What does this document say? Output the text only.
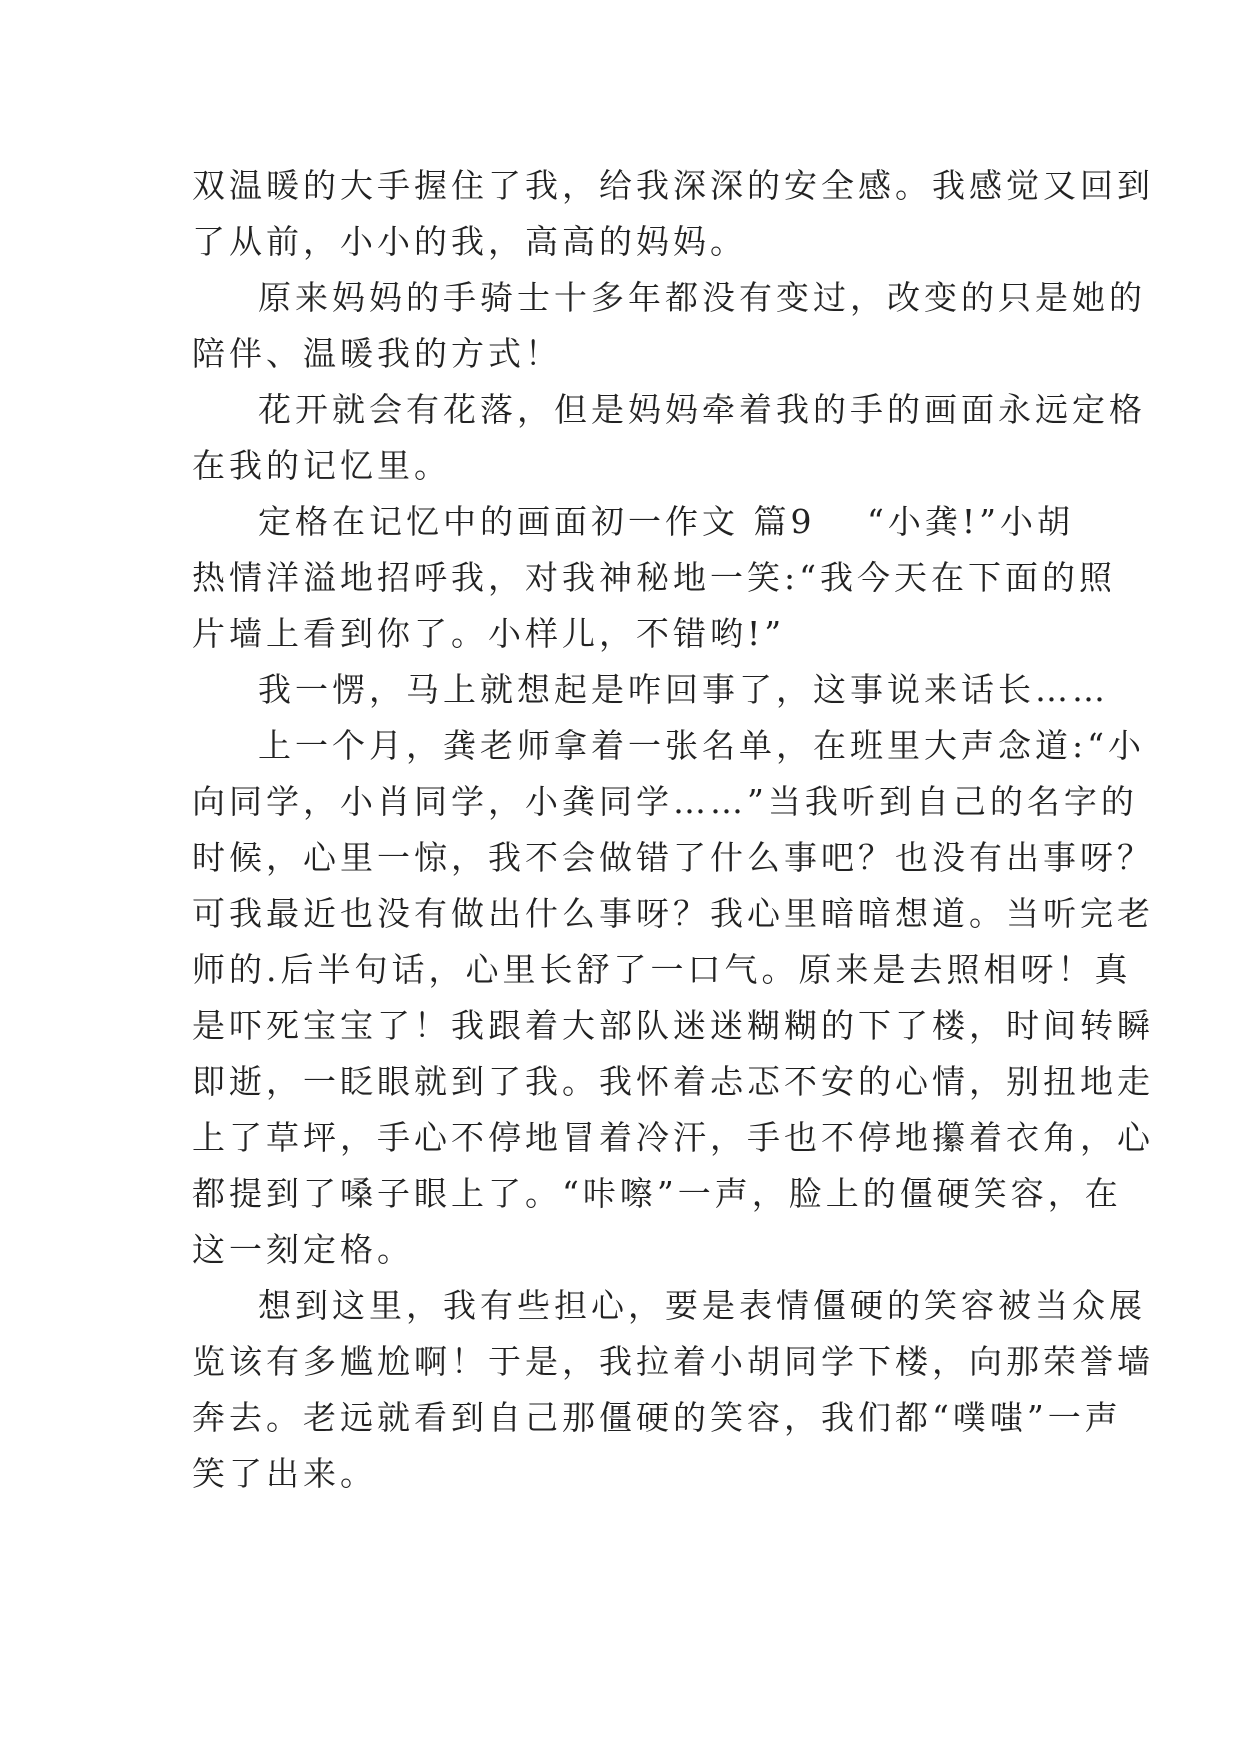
双温暖的大手握住了我，给我深深的安全感。我感觉又回到
了从前，小小的我，高高的妈妈。
原来妈妈的手骑士十多年都没有变过，改变的只是她的
陪伴、温暖我的方式！
花开就会有花落，但是妈妈牵着我的手的画面永远定格
在我的记忆里。
定格在记忆中的画面初一作文 篇9 　“小龚!”小胡
热情洋溢地招呼我，对我神秘地一笑:“我今天在下面的照
片墙上看到你了。小样儿，不错哟!”
我一愣，马上就想起是咋回事了，这事说来话长……
上一个月，龚老师拿着一张名单，在班里大声念道:“小
向同学，小肖同学，小龚同学……”当我听到自己的名字的
时候，心里一惊，我不会做错了什么事吧？也没有出事呀？
可我最近也没有做出什么事呀？我心里暗暗想道。当听完老
师的.后半句话，心里长舒了一口气。原来是去照相呀！真
是吓死宝宝了！我跟着大部队迷迷糊糊的下了楼，时间转瞬
即逝，一眨眼就到了我。我怀着忐忑不安的心情，别扭地走
上了草坪，手心不停地冒着冷汗，手也不停地攥着衣角，心
都提到了嗓子眼上了。“咔嚓”一声，脸上的僵硬笑容，在
这一刻定格。
想到这里，我有些担心，要是表情僵硬的笑容被当众展
览该有多尴尬啊！于是，我拉着小胡同学下楼，向那荣誉墙
奔去。老远就看到自己那僵硬的笑容，我们都“噗嗤”一声
笑了出来。
